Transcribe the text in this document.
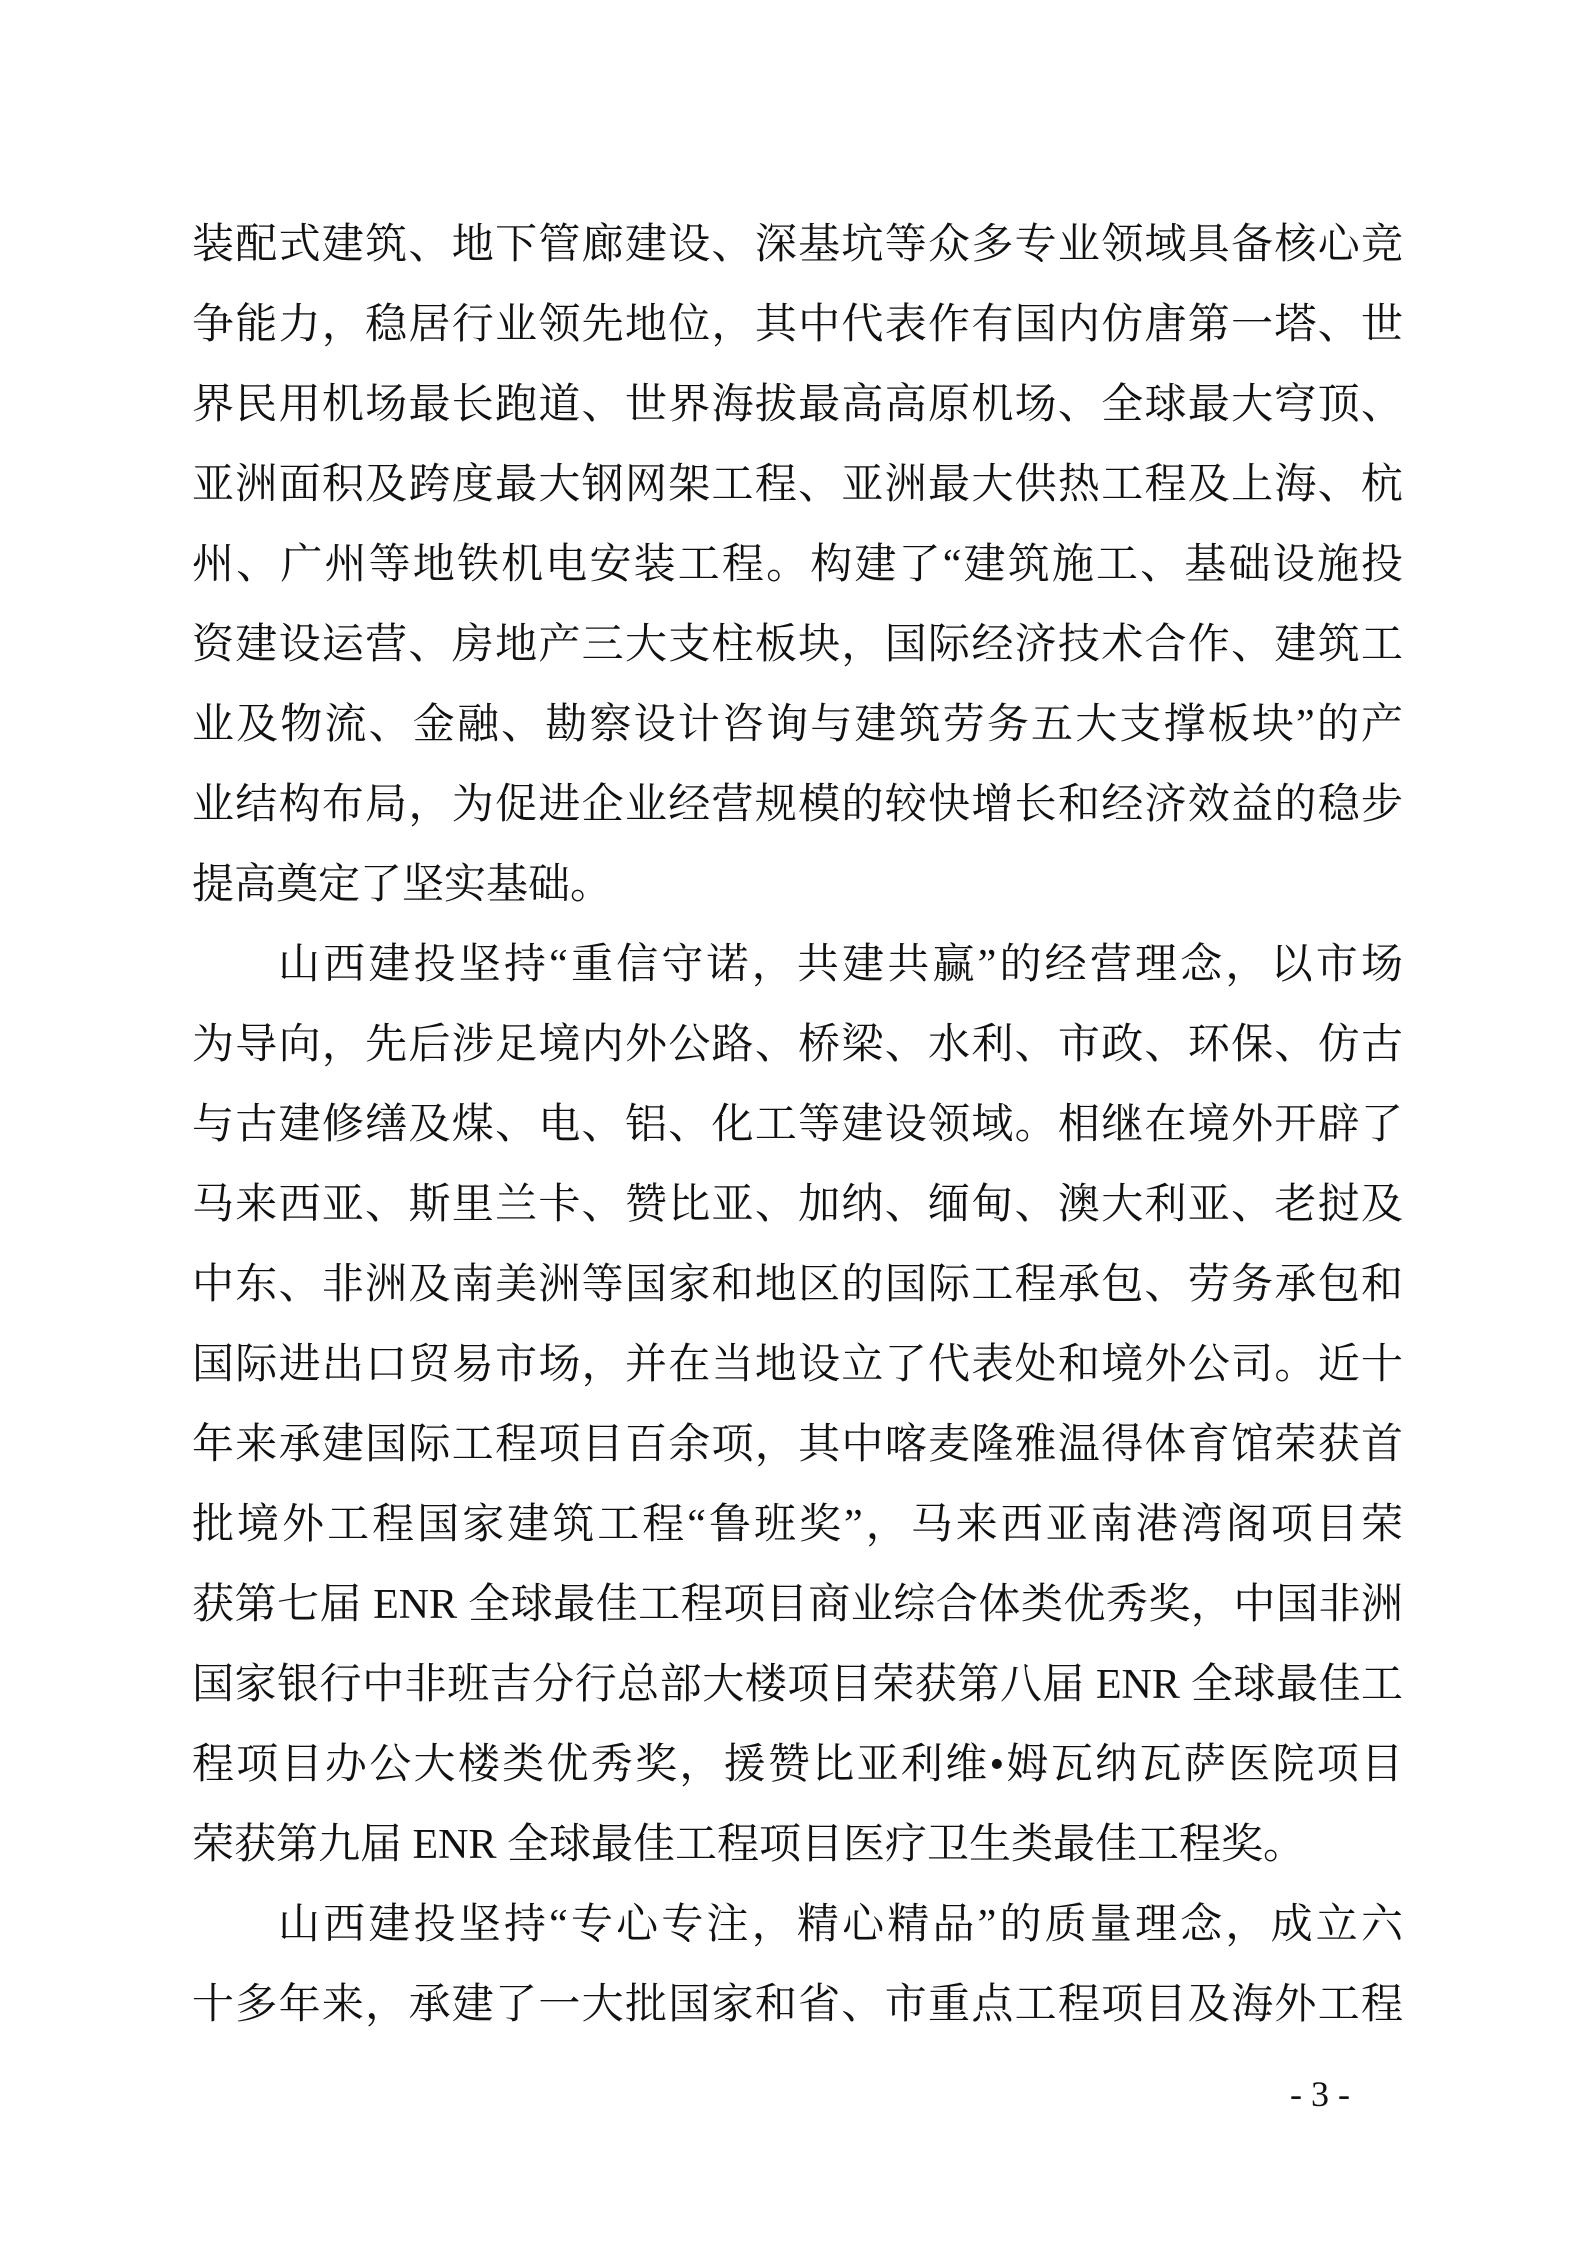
装配式建筑、地下管廊建设、深基坑等众多专业领域具备核心竞
争能力，稳居行业领先地位，其中代表作有国内仿唐第一塔、世
界民用机场最长跑道、世界海拔最高高原机场、全球最大穹顶、
亚洲面积及跨度最大钢网架工程、亚洲最大供热工程及上海、杭
州、广州等地铁机电安装工程。构建了“建筑施工、基础设施投
资建设运营、房地产三大支柱板块，国际经济技术合作、建筑工
业及物流、金融、勘察设计咨询与建筑劳务五大支撑板块”的产
业结构布局，为促进企业经营规模的较快增长和经济效益的稳步
提高奠定了坚实基础。
山西建投坚持“重信守诺，共建共赢”的经营理念，以市场
为导向，先后涉足境内外公路、桥梁、水利、市政、环保、仿古
与古建修缮及煤、电、铝、化工等建设领域。相继在境外开辟了
马来西亚、斯里兰卡、赞比亚、加纳、缅甸、澳大利亚、老挝及
中东、非洲及南美洲等国家和地区的国际工程承包、劳务承包和
国际进出口贸易市场，并在当地设立了代表处和境外公司。近十
年来承建国际工程项目百余项，其中喀麦隆雅温得体育馆荣获首
批境外工程国家建筑工程“鲁班奖”，马来西亚南港湾阁项目荣
获第七届 ENR 全球最佳工程项目商业综合体类优秀奖，中国非洲
国家银行中非班吉分行总部大楼项目荣获第八届 ENR 全球最佳工
程项目办公大楼类优秀奖，援赞比亚利维•姆瓦纳瓦萨医院项目
荣获第九届 ENR 全球最佳工程项目医疗卫生类最佳工程奖。
山西建投坚持“专心专注，精心精品”的质量理念，成立六
十多年来，承建了一大批国家和省、市重点工程项目及海外工程
- 3 -
